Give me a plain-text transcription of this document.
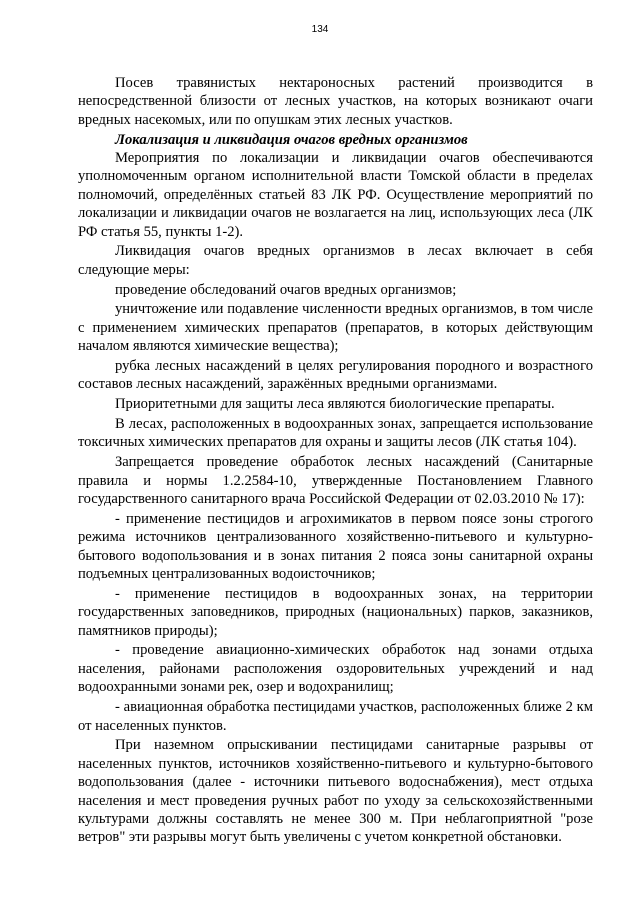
134

Посев травянистых нектароносных растений производится в непосредственной близости от лесных участков, на которых возникают очаги вредных насекомых, или по опушкам этих лесных участков.

Локализация и ликвидация очагов вредных организмов

Мероприятия по локализации и ликвидации очагов обеспечиваются уполномоченным органом исполнительной власти Томской области в пределах полномочий, определённых статьей 83 ЛК РФ. Осуществление мероприятий по локализации и ликвидации очагов не возлагается на лиц, использующих леса (ЛК РФ статья 55, пункты 1-2).

Ликвидация очагов вредных организмов в лесах включает в себя следующие меры:

проведение обследований очагов вредных организмов;

уничтожение или подавление численности вредных организмов, в том числе с применением химических препаратов (препаратов, в которых действующим началом являются химические вещества);

рубка лесных насаждений в целях регулирования породного и возрастного составов лесных насаждений, заражённых вредными организмами.

Приоритетными для защиты леса являются биологические препараты.

В лесах, расположенных в водоохранных зонах, запрещается использование токсичных химических препаратов для охраны и защиты лесов (ЛК статья 104).

Запрещается проведение обработок лесных насаждений (Санитарные правила и нормы 1.2.2584-10, утвержденные Постановлением Главного государственного санитарного врача Российской Федерации от 02.03.2010 № 17):

- применение пестицидов и агрохимикатов в первом поясе зоны строгого режима источников централизованного хозяйственно-питьевого и культурно-бытового водопользования и в зонах питания 2 пояса зоны санитарной охраны подъемных централизованных водоисточников;

- применение пестицидов в водоохранных зонах, на территории государственных заповедников, природных (национальных) парков, заказников, памятников природы);

- проведение авиационно-химических обработок над зонами отдыха населения, районами расположения оздоровительных учреждений и над водоохранными зонами рек, озер и водохранилищ;

- авиационная обработка пестицидами участков, расположенных ближе 2 км от населенных пунктов.

При наземном опрыскивании пестицидами санитарные разрывы от населенных пунктов, источников хозяйственно-питьевого и культурно-бытового водопользования (далее - источники питьевого водоснабжения), мест отдыха населения и мест проведения ручных работ по уходу за сельскохозяйственными культурами должны составлять не менее 300 м. При неблагоприятной "розе ветров" эти разрывы могут быть увеличены с учетом конкретной обстановки.
